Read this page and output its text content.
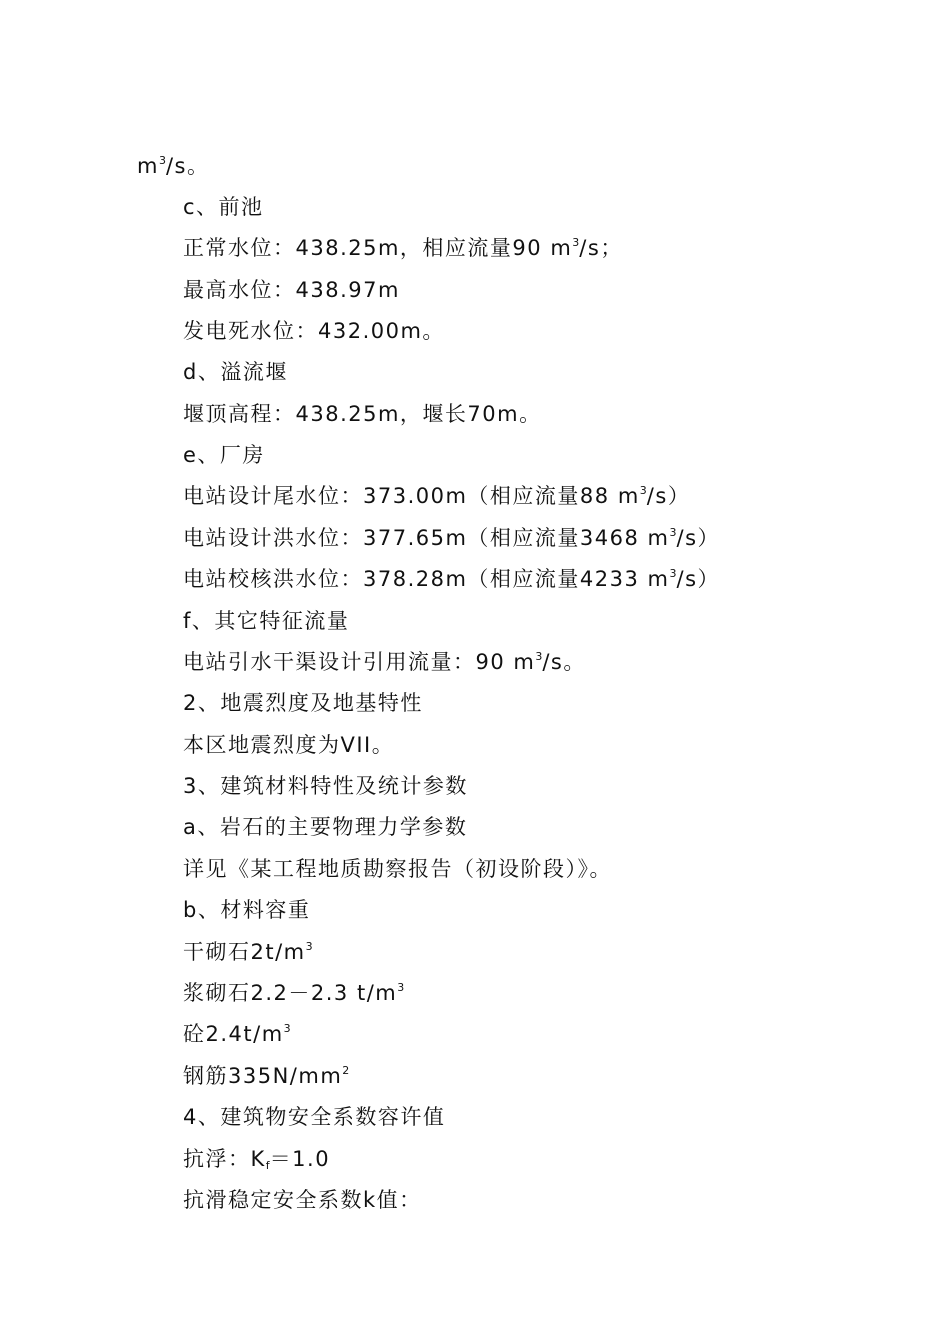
$m^3/s$。
c、前池
正常水位：438.25m，相应流量90 $m^3/s$；
最高水位：438.97m
发电死水位：432.00m。
d、溢流堰
堰顶高程：438.25m，堰长70m。
e、厂房
电站设计尾水位：373.00m（相应流量88 $m^3/s$）
电站设计洪水位：377.65m（相应流量3468 $m^3/s$）
电站校核洪水位：378.28m（相应流量4233 $m^3/s$）
f、其它特征流量
电站引水干渠设计引用流量：90 $m^3/s$。
2、地震烈度及地基特性
本区地震烈度为VII。
3、建筑材料特性及统计参数
a、岩石的主要物理力学参数
详见《某工程地质勘察报告（初设阶段）》。
b、材料容重
干砌石$2t/m^3$
浆砌石2.2－2.3 $t/m^3$
砼$2.4t/m^3$
钢筋$335N/mm^2$
4、建筑物安全系数容许值
抗浮：$K_f=1.0$
抗滑稳定安全系数k值：
